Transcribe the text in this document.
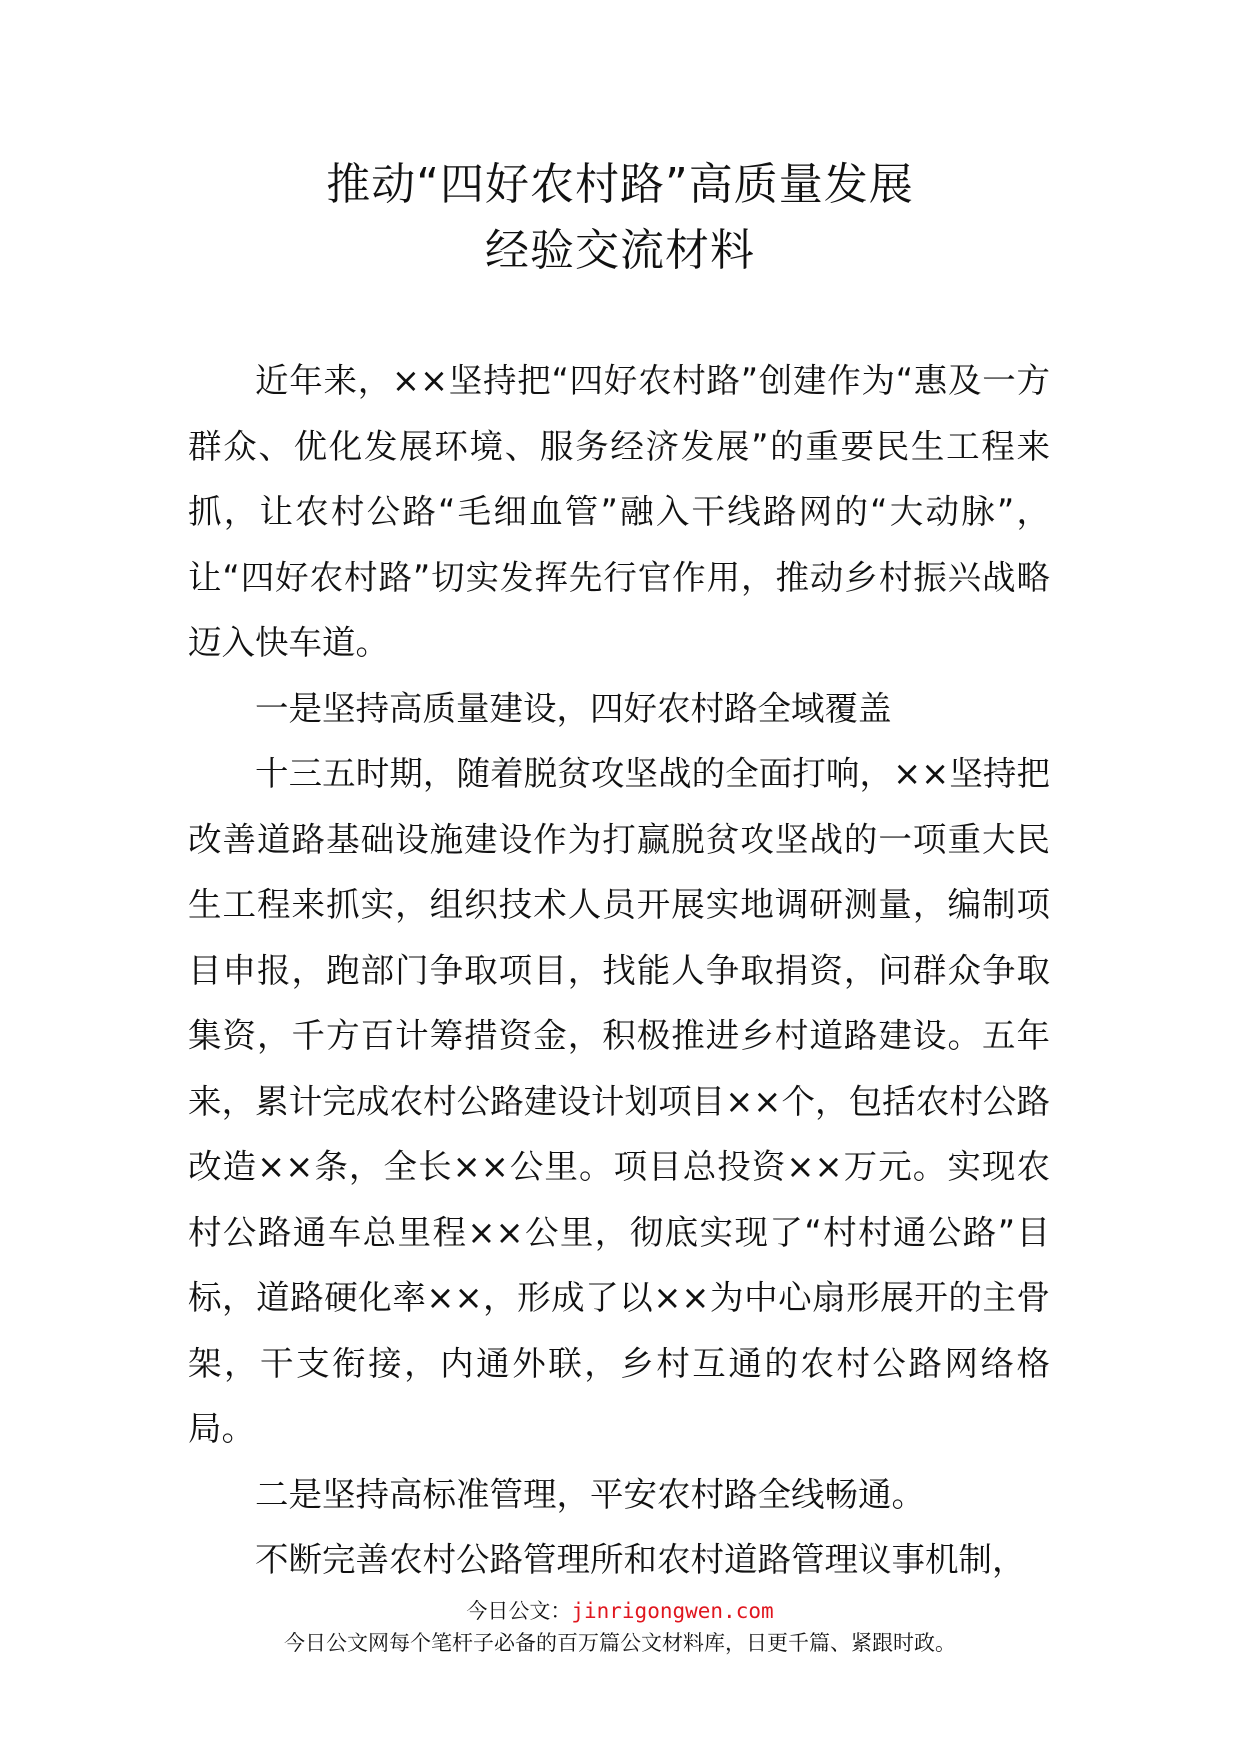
推动“四好农村路”高质量发展
经验交流材料

近年来，××坚持把“四好农村路”创建作为“惠及一方群众、优化发展环境、服务经济发展”的重要民生工程来抓，让农村公路“毛细血管”融入干线路网的“大动脉”，让“四好农村路”切实发挥先行官作用，推动乡村振兴战略迈入快车道。

一是坚持高质量建设，四好农村路全域覆盖

十三五时期，随着脱贫攻坚战的全面打响，××坚持把改善道路基础设施建设作为打赢脱贫攻坚战的一项重大民生工程来抓实，组织技术人员开展实地调研测量，编制项目申报，跑部门争取项目，找能人争取捐资，问群众争取集资，千方百计筹措资金，积极推进乡村道路建设。五年来，累计完成农村公路建设计划项目××个，包括农村公路改造××条，全长××公里。项目总投资××万元。实现农村公路通车总里程××公里，彻底实现了“村村通公路”目标，道路硬化率××，形成了以××为中心扇形展开的主骨架，干支衔接，内通外联，乡村互通的农村公路网络格局。

二是坚持高标准管理，平安农村路全线畅通。

不断完善农村公路管理所和农村道路管理议事机制，

今日公文：jinrigongwen.com
今日公文网每个笔杆子必备的百万篇公文材料库，日更千篇、紧跟时政。
